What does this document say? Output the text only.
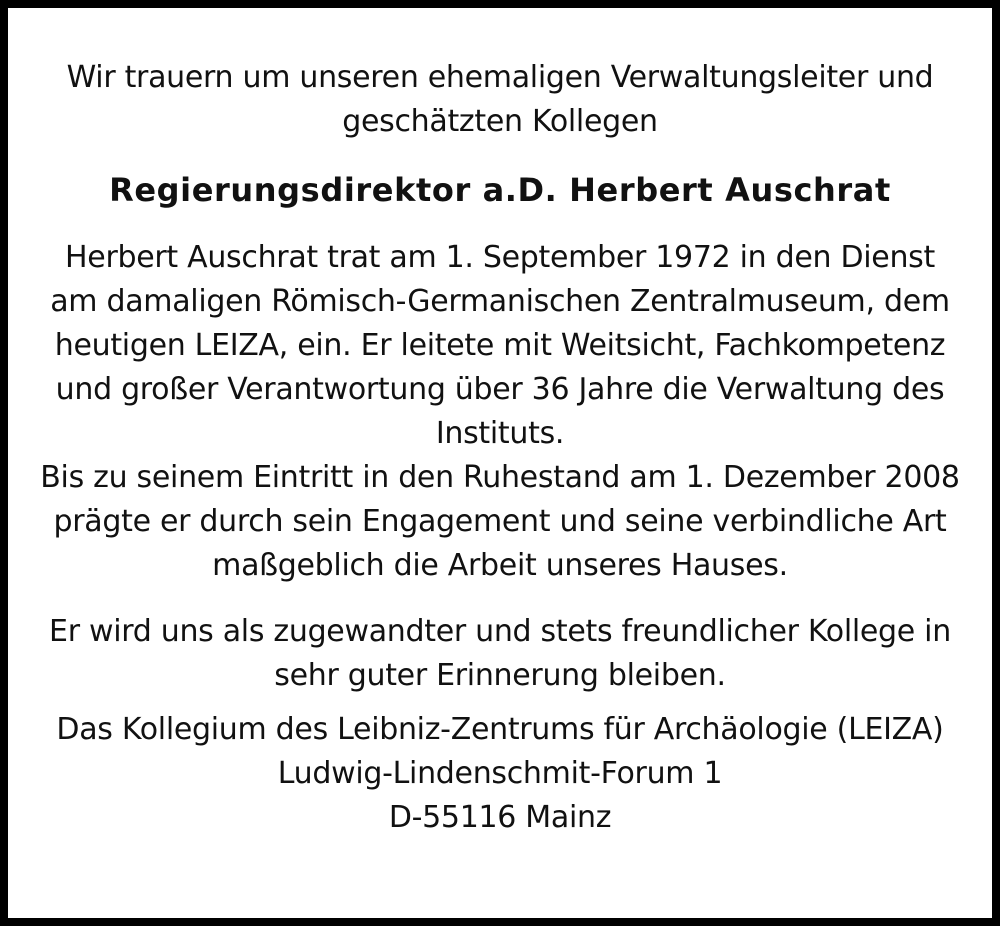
Wir trauern um unseren ehemaligen Verwaltungsleiter und
geschätzten Kollegen

Regierungsdirektor a.D. Herbert Auschrat

Herbert Auschrat trat am 1. September 1972 in den Dienst
am damaligen Römisch-Germanischen Zentralmuseum, dem
heutigen LEIZA, ein. Er leitete mit Weitsicht, Fachkompetenz
und großer Verantwortung über 36 Jahre die Verwaltung des
Instituts.
Bis zu seinem Eintritt in den Ruhestand am 1. Dezember 2008
prägte er durch sein Engagement und seine verbindliche Art
maßgeblich die Arbeit unseres Hauses.

Er wird uns als zugewandter und stets freundlicher Kollege in
sehr guter Erinnerung bleiben.

Das Kollegium des Leibniz-Zentrums für Archäologie (LEIZA)
Ludwig-Lindenschmit-Forum 1
D-55116 Mainz
